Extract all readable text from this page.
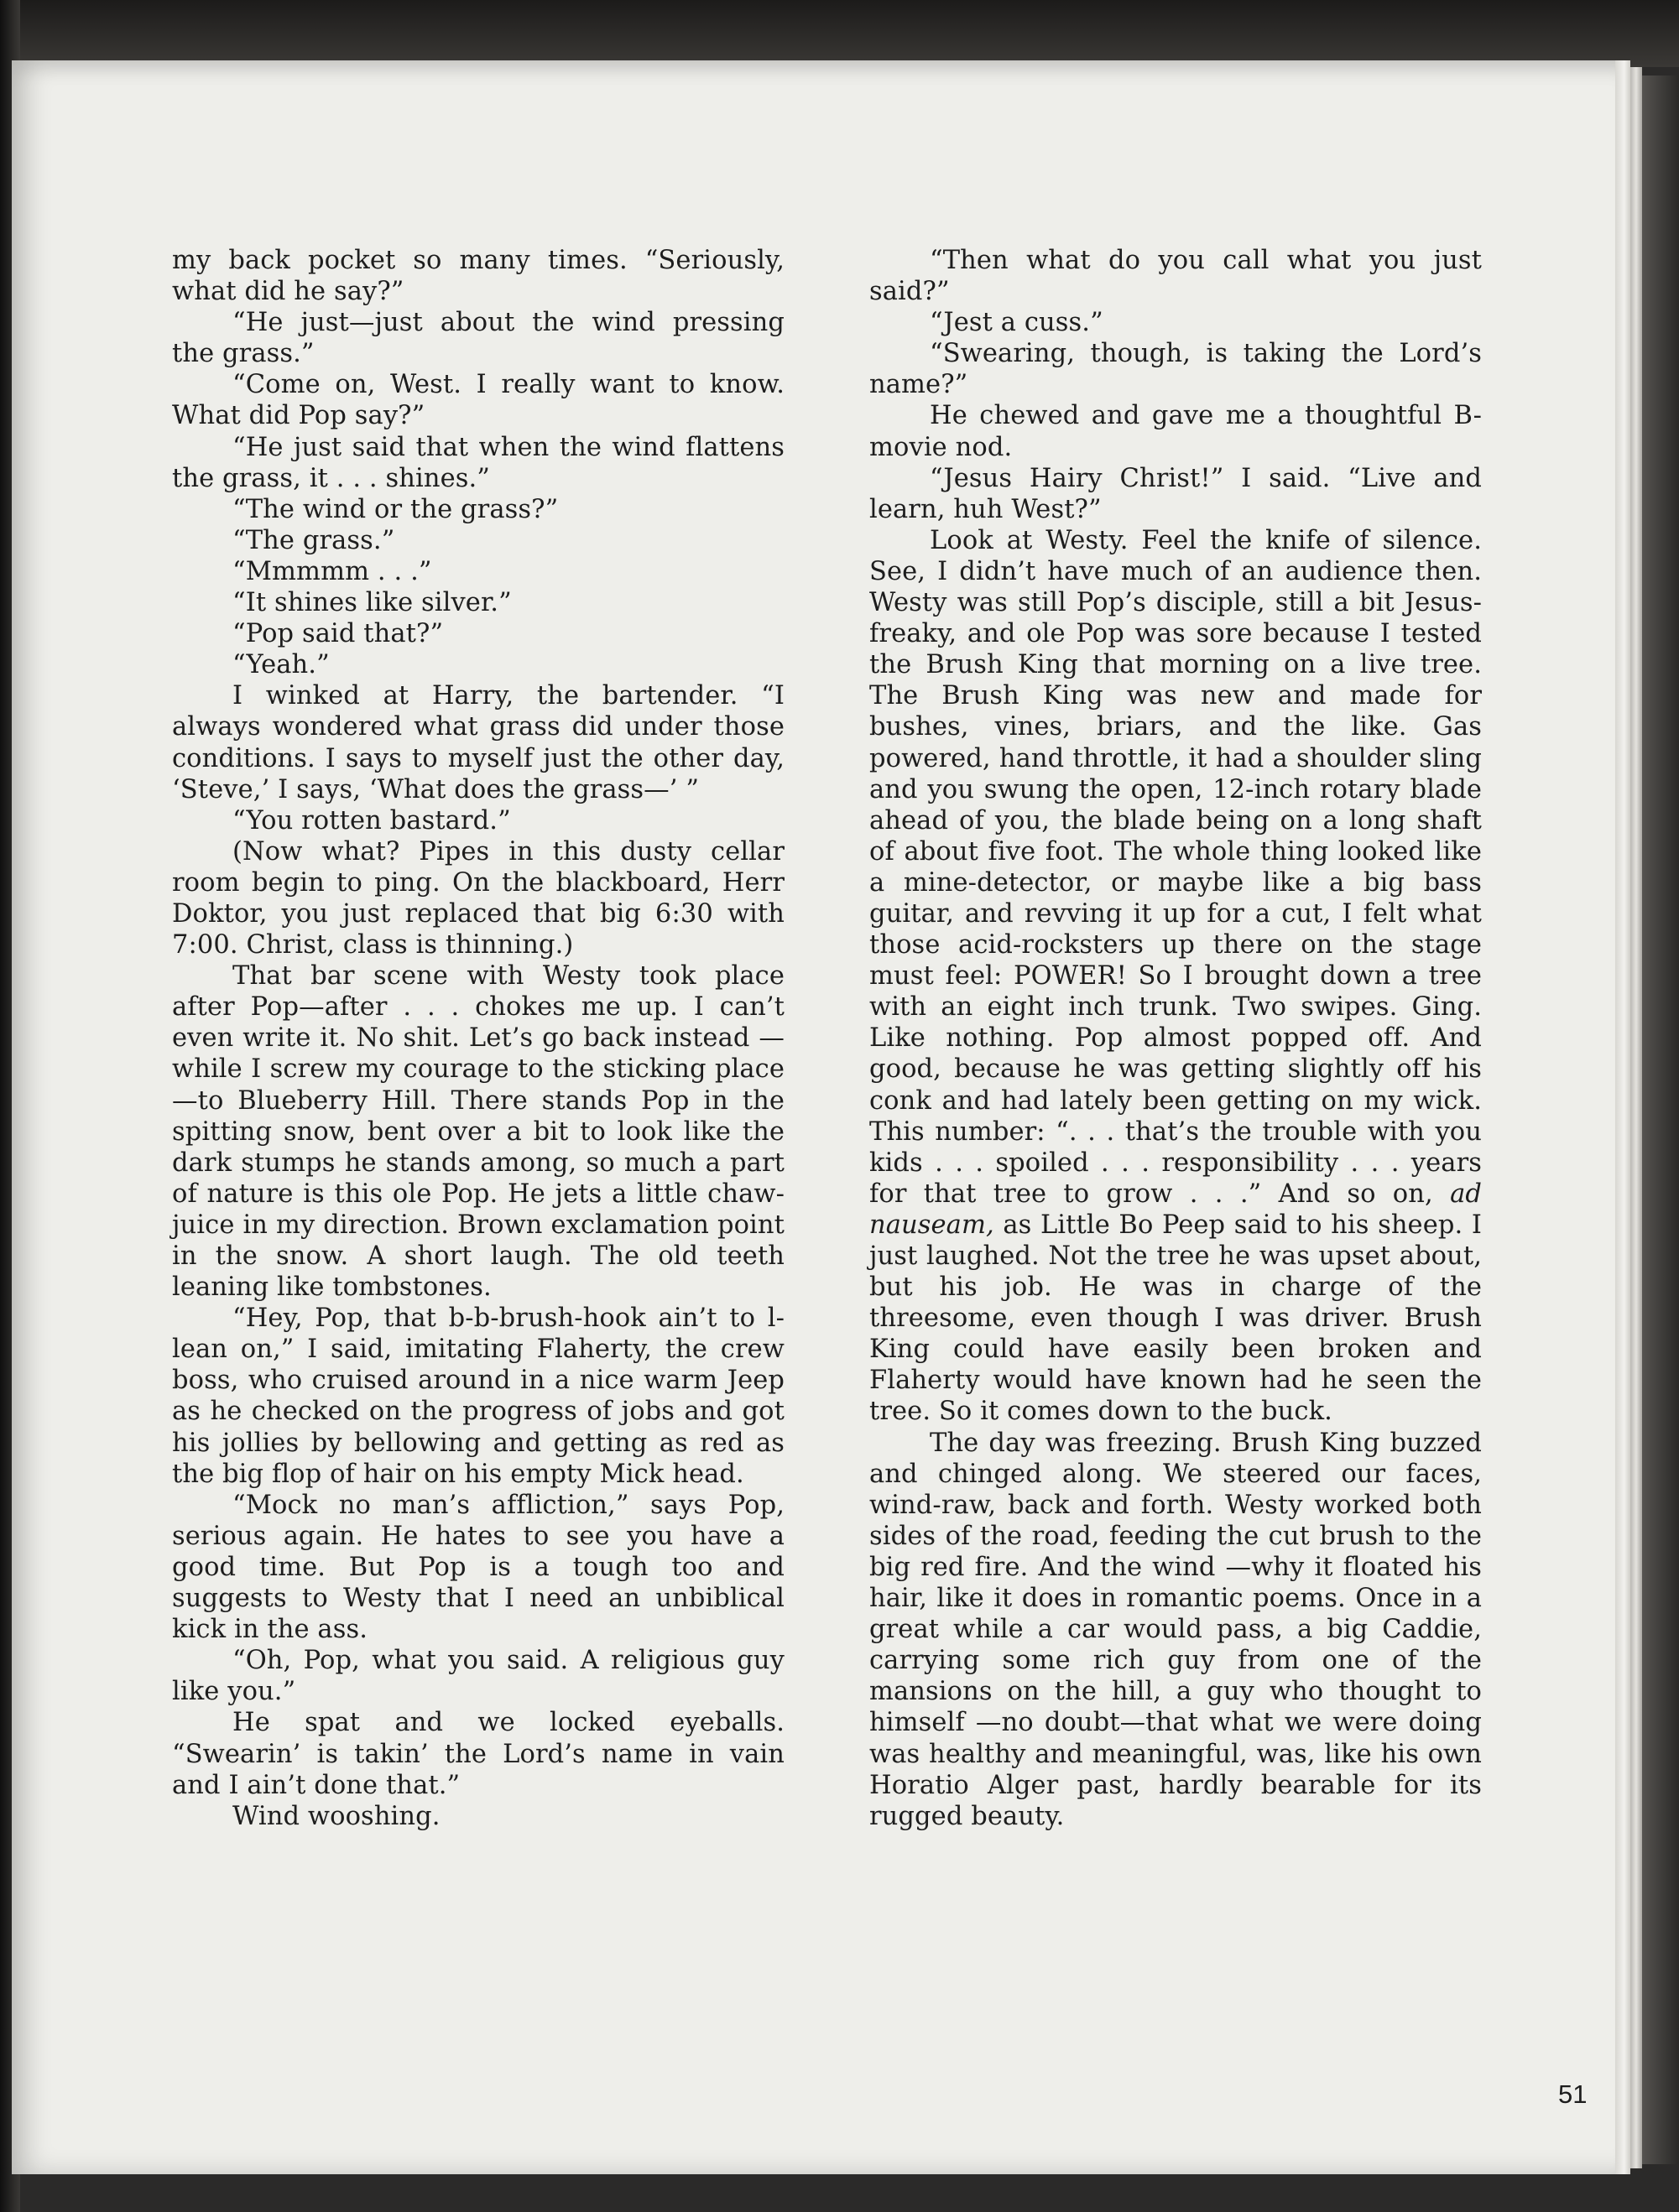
my back pocket so many times. “Seriously, what did he say?”

“He just—just about the wind pressing the grass.”

“Come on, West. I really want to know. What did Pop say?”

“He just said that when the wind flattens the grass, it . . . shines.”

“The wind or the grass?”

“The grass.”

“Mmmmm . . .”

“It shines like silver.”

“Pop said that?”

“Yeah.”

I winked at Harry, the bartender. “I always wondered what grass did under those conditions. I says to myself just the other day, ‘Steve,’ I says, ‘What does the grass—’ ”

“You rotten bastard.”

(Now what? Pipes in this dusty cellar room begin to ping. On the blackboard, Herr Doktor, you just replaced that big 6:30 with 7:00. Christ, class is thinning.)

That bar scene with Westy took place after Pop—after . . . chokes me up. I can’t even write it. No shit. Let’s go back instead —while I screw my courage to the sticking place—to Blueberry Hill. There stands Pop in the spitting snow, bent over a bit to look like the dark stumps he stands among, so much a part of nature is this ole Pop. He jets a little chaw-juice in my direction. Brown exclamation point in the snow. A short laugh. The old teeth leaning like tombstones.

“Hey, Pop, that b-b-brush-hook ain’t to l-lean on,” I said, imitating Flaherty, the crew boss, who cruised around in a nice warm Jeep as he checked on the progress of jobs and got his jollies by bellowing and getting as red as the big flop of hair on his empty Mick head.

“Mock no man’s affliction,” says Pop, serious again. He hates to see you have a good time. But Pop is a tough too and suggests to Westy that I need an unbiblical kick in the ass.

“Oh, Pop, what you said. A religious guy like you.”

He spat and we locked eyeballs. “Swearin’ is takin’ the Lord’s name in vain and I ain’t done that.”

Wind wooshing.

“Then what do you call what you just said?”

“Jest a cuss.”

“Swearing, though, is taking the Lord’s name?”

He chewed and gave me a thoughtful B-movie nod.

“Jesus Hairy Christ!” I said. “Live and learn, huh West?”

Look at Westy. Feel the knife of silence. See, I didn’t have much of an audience then. Westy was still Pop’s disciple, still a bit Jesus-freaky, and ole Pop was sore because I tested the Brush King that morning on a live tree. The Brush King was new and made for bushes, vines, briars, and the like. Gas powered, hand throttle, it had a shoulder sling and you swung the open, 12-inch rotary blade ahead of you, the blade being on a long shaft of about five foot. The whole thing looked like a mine-detector, or maybe like a big bass guitar, and revving it up for a cut, I felt what those acid-rocksters up there on the stage must feel: POWER! So I brought down a tree with an eight inch trunk. Two swipes. Ging. Like nothing. Pop almost popped off. And good, because he was getting slightly off his conk and had lately been getting on my wick. This number: “. . . that’s the trouble with you kids . . . spoiled . . . responsibility . . . years for that tree to grow . . .” And so on, ad nauseam, as Little Bo Peep said to his sheep. I just laughed. Not the tree he was upset about, but his job. He was in charge of the threesome, even though I was driver. Brush King could have easily been broken and Flaherty would have known had he seen the tree. So it comes down to the buck.

The day was freezing. Brush King buzzed and chinged along. We steered our faces, wind-raw, back and forth. Westy worked both sides of the road, feeding the cut brush to the big red fire. And the wind —why it floated his hair, like it does in romantic poems. Once in a great while a car would pass, a big Caddie, carrying some rich guy from one of the mansions on the hill, a guy who thought to himself —no doubt—that what we were doing was healthy and meaningful, was, like his own Horatio Alger past, hardly bearable for its rugged beauty.

51
